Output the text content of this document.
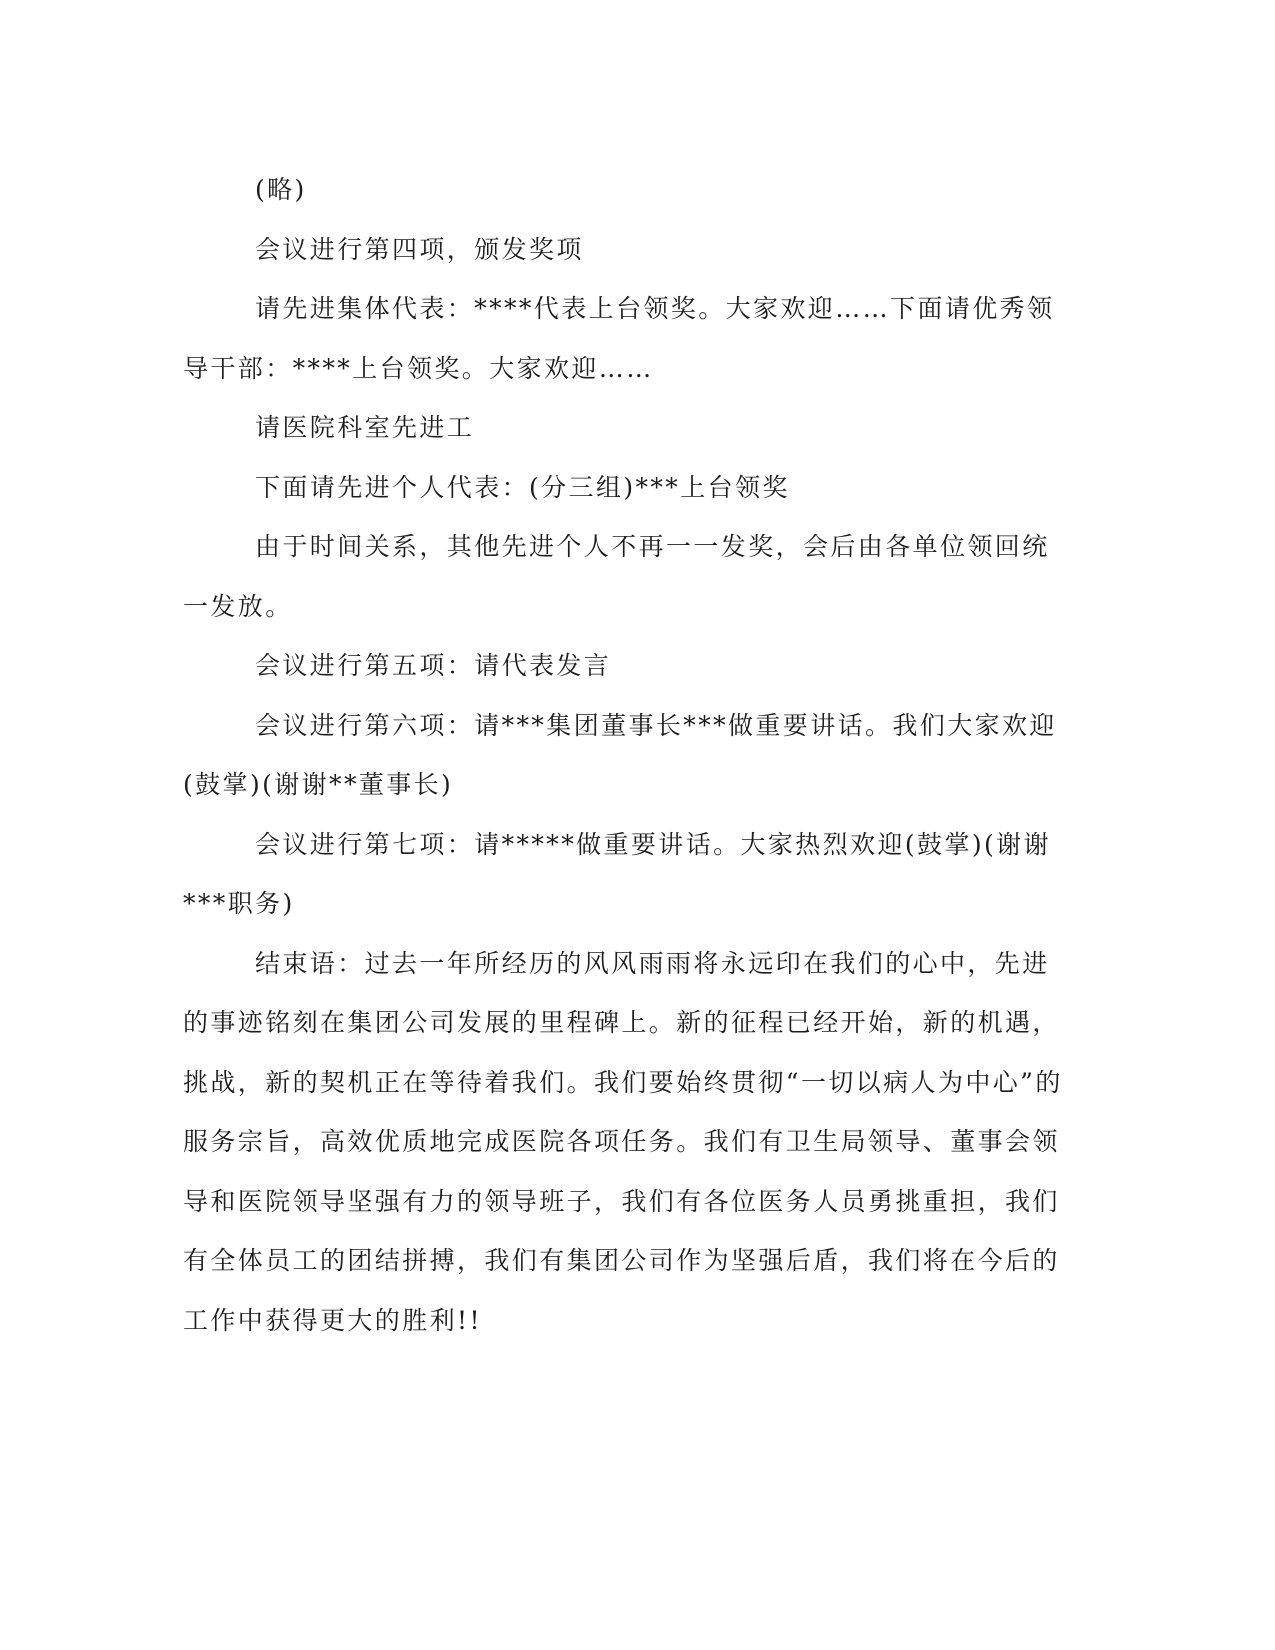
(略)

会议进行第四项，颁发奖项

请先进集体代表：****代表上台领奖。大家欢迎……下面请优秀领导干部：****上台领奖。大家欢迎……

请医院科室先进工

下面请先进个人代表：(分三组)***上台领奖

由于时间关系，其他先进个人不再一一发奖，会后由各单位领回统一发放。

会议进行第五项：请代表发言

会议进行第六项：请***集团董事长***做重要讲话。我们大家欢迎(鼓掌)(谢谢**董事长)

会议进行第七项：请*****做重要讲话。大家热烈欢迎(鼓掌)(谢谢***职务)

结束语：过去一年所经历的风风雨雨将永远印在我们的心中，先进的事迹铭刻在集团公司发展的里程碑上。新的征程已经开始，新的机遇，挑战，新的契机正在等待着我们。我们要始终贯彻“一切以病人为中心”的服务宗旨，高效优质地完成医院各项任务。我们有卫生局领导、董事会领导和医院领导坚强有力的领导班子，我们有各位医务人员勇挑重担，我们有全体员工的团结拼搏，我们有集团公司作为坚强后盾，我们将在今后的工作中获得更大的胜利!!
